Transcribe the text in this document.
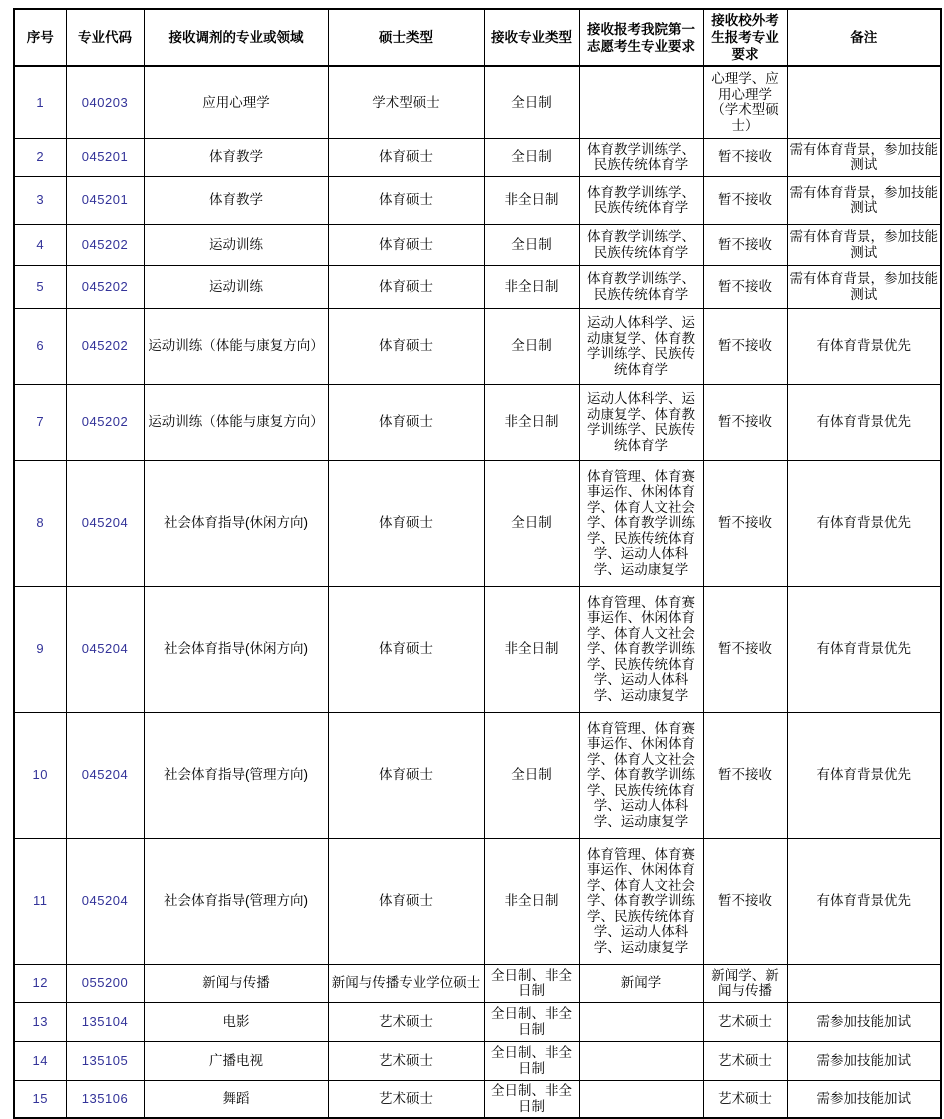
序号	专业代码	接收调剂的专业或领域	硕士类型	接收专业类型	接收报考我院第一志愿考生专业要求	接收校外考生报考专业要求	备注
1	040203	应用心理学	学术型硕士	全日制		心理学、应用心理学（学术型硕士）	
2	045201	体育教学	体育硕士	全日制	体育教学训练学、民族传统体育学	暂不接收	需有体育背景，参加技能测试
3	045201	体育教学	体育硕士	非全日制	体育教学训练学、民族传统体育学	暂不接收	需有体育背景，参加技能测试
4	045202	运动训练	体育硕士	全日制	体育教学训练学、民族传统体育学	暂不接收	需有体育背景，参加技能测试
5	045202	运动训练	体育硕士	非全日制	体育教学训练学、民族传统体育学	暂不接收	需有体育背景，参加技能测试
6	045202	运动训练（体能与康复方向）	体育硕士	全日制	运动人体科学、运动康复学、体育教学训练学、民族传统体育学	暂不接收	有体育背景优先
7	045202	运动训练（体能与康复方向）	体育硕士	非全日制	运动人体科学、运动康复学、体育教学训练学、民族传统体育学	暂不接收	有体育背景优先
8	045204	社会体育指导(休闲方向)	体育硕士	全日制	体育管理、体育赛事运作、休闲体育学、体育人文社会学、体育教学训练学、民族传统体育学、运动人体科学、运动康复学	暂不接收	有体育背景优先
9	045204	社会体育指导(休闲方向)	体育硕士	非全日制	体育管理、体育赛事运作、休闲体育学、体育人文社会学、体育教学训练学、民族传统体育学、运动人体科学、运动康复学	暂不接收	有体育背景优先
10	045204	社会体育指导(管理方向)	体育硕士	全日制	体育管理、体育赛事运作、休闲体育学、体育人文社会学、体育教学训练学、民族传统体育学、运动人体科学、运动康复学	暂不接收	有体育背景优先
11	045204	社会体育指导(管理方向)	体育硕士	非全日制	体育管理、体育赛事运作、休闲体育学、体育人文社会学、体育教学训练学、民族传统体育学、运动人体科学、运动康复学	暂不接收	有体育背景优先
12	055200	新闻与传播	新闻与传播专业学位硕士	全日制、非全日制	新闻学	新闻学、新闻与传播	
13	135104	电影	艺术硕士	全日制、非全日制		艺术硕士	需参加技能加试
14	135105	广播电视	艺术硕士	全日制、非全日制		艺术硕士	需参加技能加试
15	135106	舞蹈	艺术硕士	全日制、非全日制		艺术硕士	需参加技能加试
